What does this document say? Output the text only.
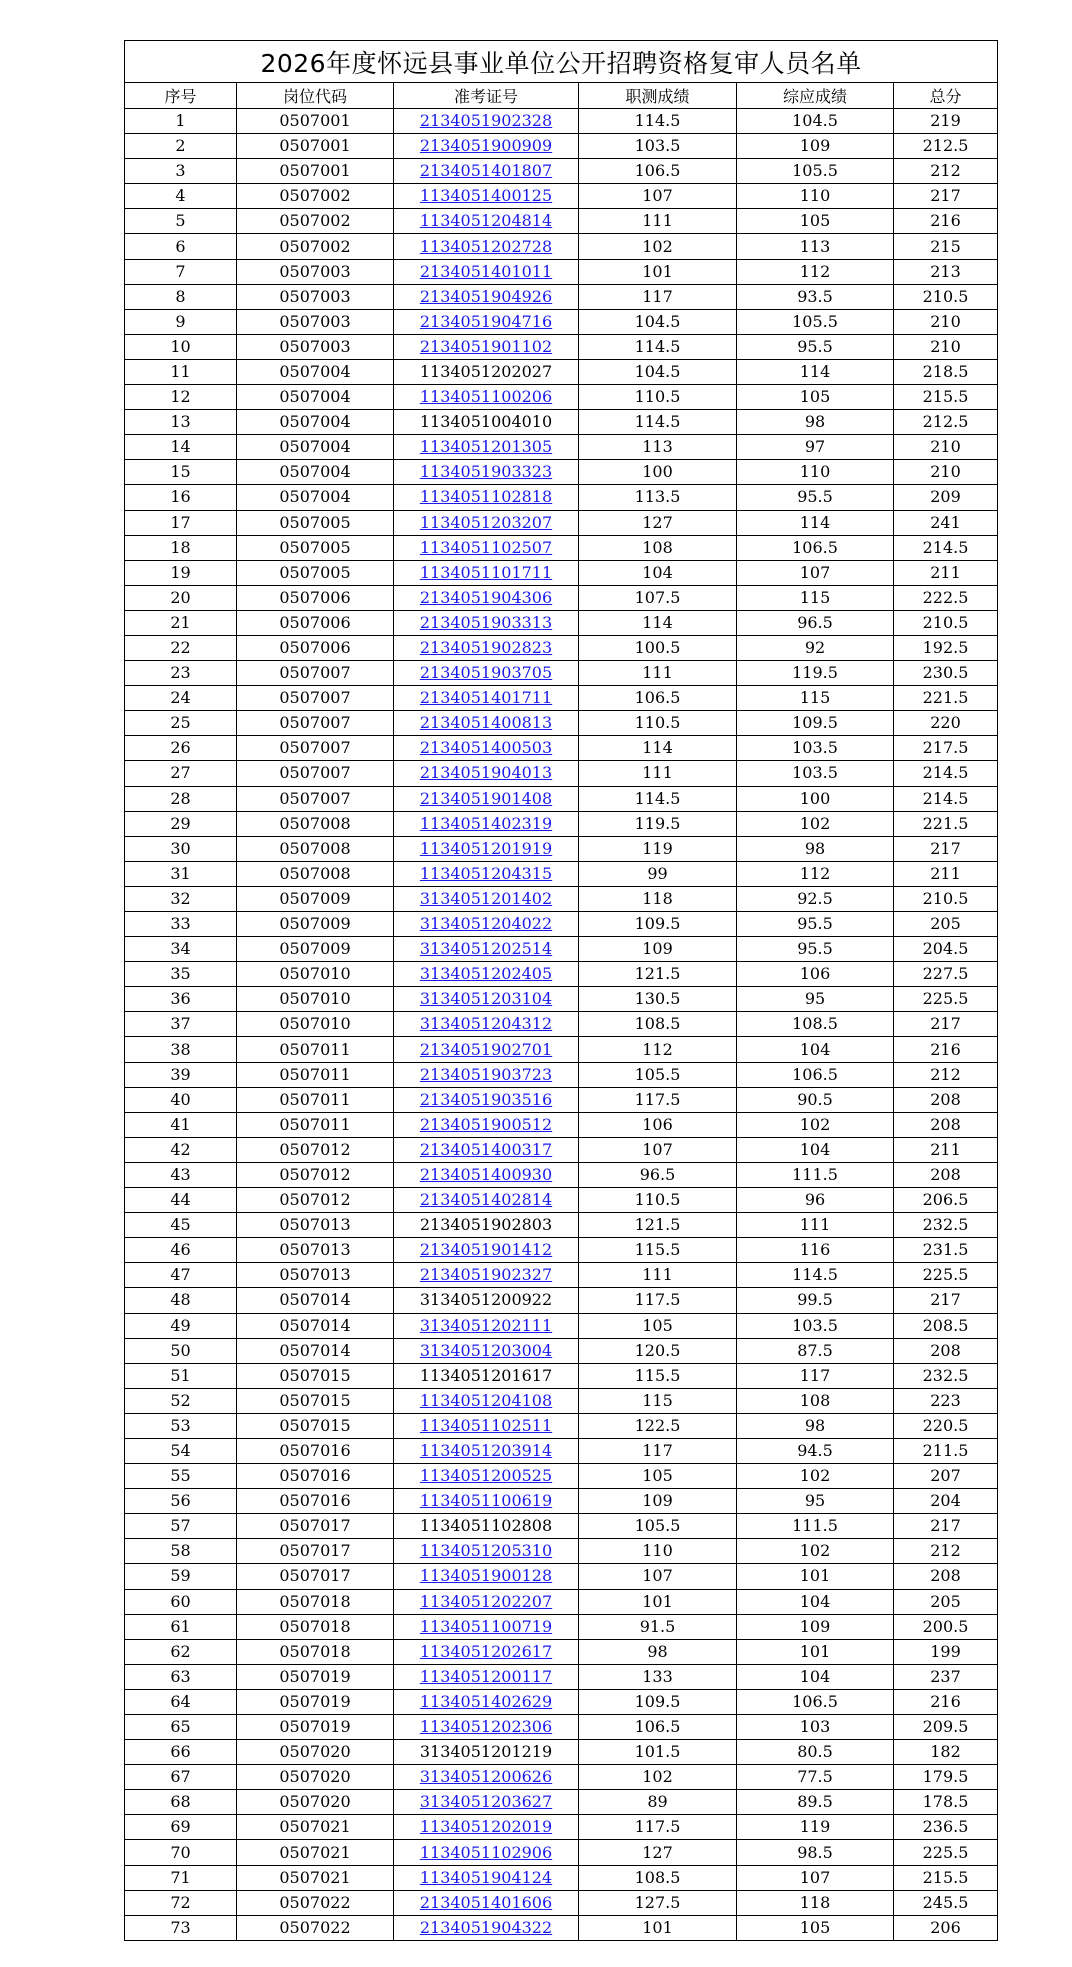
2026年度怀远县事业单位公开招聘资格复审人员名单					
序号	岗位代码	准考证号	职测成绩	综应成绩	总分
1	0507001	2134051902328	114.5	104.5	219
2	0507001	2134051900909	103.5	109	212.5
3	0507001	2134051401807	106.5	105.5	212
4	0507002	1134051400125	107	110	217
5	0507002	1134051204814	111	105	216
6	0507002	1134051202728	102	113	215
7	0507003	2134051401011	101	112	213
8	0507003	2134051904926	117	93.5	210.5
9	0507003	2134051904716	104.5	105.5	210
10	0507003	2134051901102	114.5	95.5	210
11	0507004	1134051202027	104.5	114	218.5
12	0507004	1134051100206	110.5	105	215.5
13	0507004	1134051004010	114.5	98	212.5
14	0507004	1134051201305	113	97	210
15	0507004	1134051903323	100	110	210
16	0507004	1134051102818	113.5	95.5	209
17	0507005	1134051203207	127	114	241
18	0507005	1134051102507	108	106.5	214.5
19	0507005	1134051101711	104	107	211
20	0507006	2134051904306	107.5	115	222.5
21	0507006	2134051903313	114	96.5	210.5
22	0507006	2134051902823	100.5	92	192.5
23	0507007	2134051903705	111	119.5	230.5
24	0507007	2134051401711	106.5	115	221.5
25	0507007	2134051400813	110.5	109.5	220
26	0507007	2134051400503	114	103.5	217.5
27	0507007	2134051904013	111	103.5	214.5
28	0507007	2134051901408	114.5	100	214.5
29	0507008	1134051402319	119.5	102	221.5
30	0507008	1134051201919	119	98	217
31	0507008	1134051204315	99	112	211
32	0507009	3134051201402	118	92.5	210.5
33	0507009	3134051204022	109.5	95.5	205
34	0507009	3134051202514	109	95.5	204.5
35	0507010	3134051202405	121.5	106	227.5
36	0507010	3134051203104	130.5	95	225.5
37	0507010	3134051204312	108.5	108.5	217
38	0507011	2134051902701	112	104	216
39	0507011	2134051903723	105.5	106.5	212
40	0507011	2134051903516	117.5	90.5	208
41	0507011	2134051900512	106	102	208
42	0507012	2134051400317	107	104	211
43	0507012	2134051400930	96.5	111.5	208
44	0507012	2134051402814	110.5	96	206.5
45	0507013	2134051902803	121.5	111	232.5
46	0507013	2134051901412	115.5	116	231.5
47	0507013	2134051902327	111	114.5	225.5
48	0507014	3134051200922	117.5	99.5	217
49	0507014	3134051202111	105	103.5	208.5
50	0507014	3134051203004	120.5	87.5	208
51	0507015	1134051201617	115.5	117	232.5
52	0507015	1134051204108	115	108	223
53	0507015	1134051102511	122.5	98	220.5
54	0507016	1134051203914	117	94.5	211.5
55	0507016	1134051200525	105	102	207
56	0507016	1134051100619	109	95	204
57	0507017	1134051102808	105.5	111.5	217
58	0507017	1134051205310	110	102	212
59	0507017	1134051900128	107	101	208
60	0507018	1134051202207	101	104	205
61	0507018	1134051100719	91.5	109	200.5
62	0507018	1134051202617	98	101	199
63	0507019	1134051200117	133	104	237
64	0507019	1134051402629	109.5	106.5	216
65	0507019	1134051202306	106.5	103	209.5
66	0507020	3134051201219	101.5	80.5	182
67	0507020	3134051200626	102	77.5	179.5
68	0507020	3134051203627	89	89.5	178.5
69	0507021	1134051202019	117.5	119	236.5
70	0507021	1134051102906	127	98.5	225.5
71	0507021	1134051904124	108.5	107	215.5
72	0507022	2134051401606	127.5	118	245.5
73	0507022	2134051904322	101	105	206
